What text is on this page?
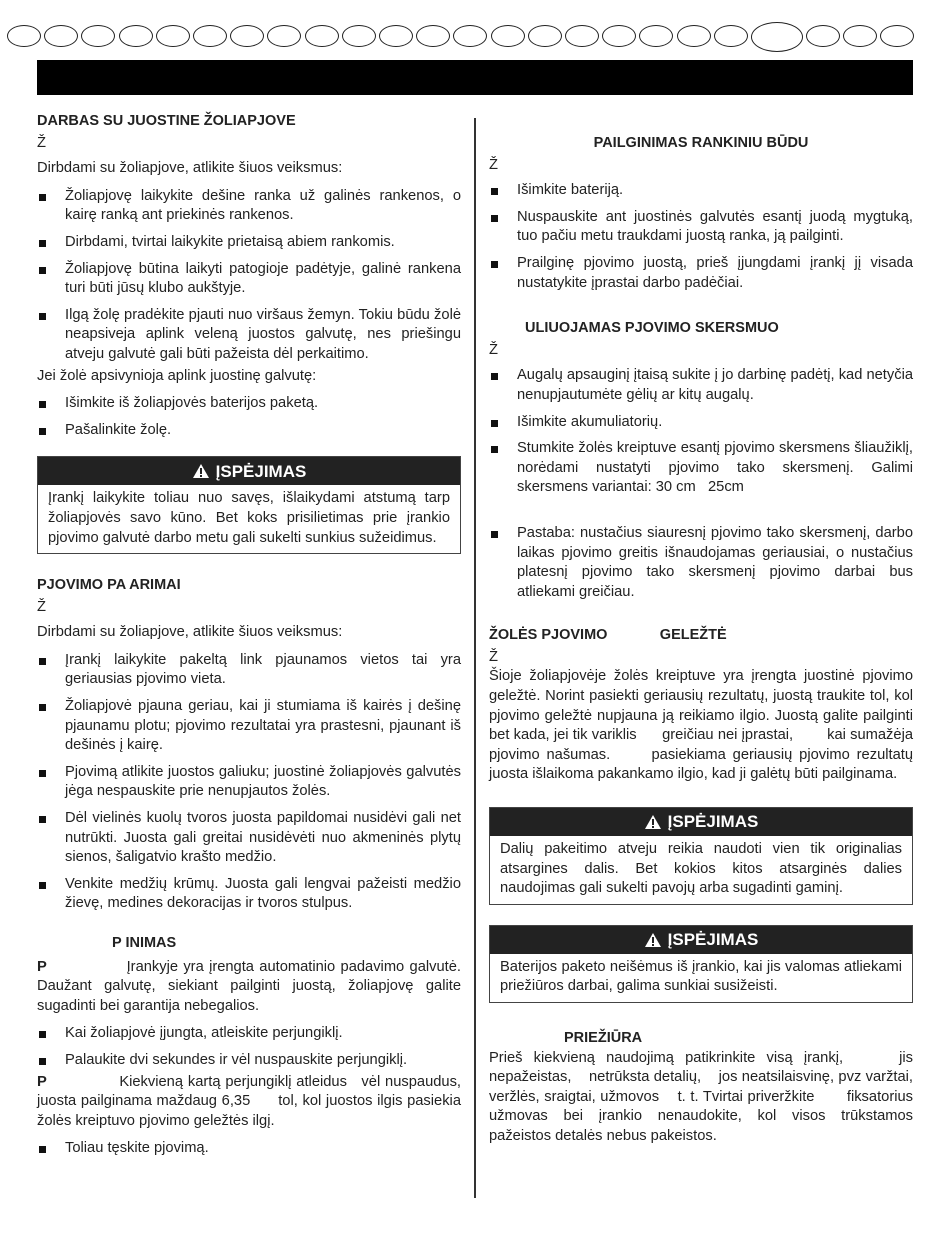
DARBAS SU JUOSTINE ŽOLIAPJOVE

Ž

Dirbdami su žoliapjove, atlikite šiuos veiksmus:

Žoliapjovę laikykite dešine ranka už galinės rankenos, o kairę ranką ant priekinės rankenos.
Dirbdami, tvirtai laikykite prietaisą abiem rankomis.
Žoliapjovę būtina laikyti patogioje padėtyje, galinė rankena turi būti jūsų klubo aukštyje.
Ilgą žolę pradėkite pjauti nuo viršaus žemyn. Tokiu būdu žolė neapsiveja aplink veleną juostos galvutę, nes priešingu atveju galvutė gali būti pažeista dėl perkaitimo.

Jei žolė apsivynioja aplink juostinę galvutę:

Išimkite iš žoliapjovės baterijos paketą.
Pašalinkite žolę.
ĮSPĖJIMAS
Įrankį laikykite toliau nuo savęs, išlaikydami atstumą tarp žoliapjovės savo kūno. Bet koks prisilietimas prie įrankio pjovimo galvutė darbo metu gali sukelti sunkius sužeidimus.

PJOVIMO PA ARIMAI

Ž

Dirbdami su žoliapjove, atlikite šiuos veiksmus:

Įrankį laikykite pakeltą link pjaunamos vietos tai yra geriausias pjovimo vieta.
Žoliapjovė pjauna geriau, kai ji stumiama iš kairės į dešinę pjaunamu plotu; pjovimo rezultatai yra prastesni, pjaunant iš dešinės į kairę.
Pjovimą atlikite juostos galiuku; juostinė žoliapjovės galvutės jėga nespauskite prie nenupjautos žolės.
Dėl vielinės kuolų tvoros juosta papildomai nusidėvi gali net nutrūkti. Juosta gali greitai nusidėvėti nuo akmeninės plytų sienos, šaligatvio krašto medžio.
Venkite medžių krūmų. Juosta gali lengvai pažeisti medžio žievę, medines dekoracijas ir tvoros stulpus.

P INIMAS

P               Įrankyje yra įrengta automatinio padavimo galvutė. Daužant galvutę, siekiant pailginti juostą, žoliapjovę galite sugadinti bei garantija nebegalios.

Kai žoliapjovė įjungta, atleiskite perjungiklį.
Palaukite dvi sekundes ir vėl nuspauskite perjungiklį.

P               Kiekvieną kartą perjungiklį atleidus   vėl nuspaudus, juosta pailginama maždaug 6,35      tol, kol juostos ilgis pasiekia žolės kreiptuvo pjovimo geležtės ilgį.

Toliau tęskite pjovimą.

PAILGINIMAS RANKINIU BŪDU

Ž

Išimkite bateriją.
Nuspauskite ant juostinės galvutės esantį juodą mygtuką, tuo pačiu metu traukdami juostą ranka, ją pailginti.
Prailginę pjovimo juostą, prieš įjungdami įrankį jį visada nustatykite įprastai darbo padėčiai.

ULIUOJAMAS PJOVIMO SKERSMUO

Ž

Augalų apsauginį įtaisą sukite į jo darbinę padėtį, kad netyčia nenupjautumėte gėlių ar kitų augalų.
Išimkite akumuliatorių.
Stumkite žolės kreiptuve esantį pjovimo skersmens šliaužiklį, norėdami nustatyti pjovimo tako skersmenį. Galimi    skersmens variantai: 30 cm   25cm
Pastaba: nustačius siauresnį pjovimo tako skersmenį, darbo laikas pjovimo greitis išnaudojamas geriausiai, o nustačius platesnį pjovimo tako skersmenį pjovimo darbai bus atliekami greičiau.

ŽOLĖS PJOVIMO             GELEŽTĖ

Ž

Šioje žoliapjovėje žolės kreiptuve yra įrengta juostinė pjovimo geležtė. Norint pasiekti geriausių rezultatų, juostą traukite tol, kol pjovimo geležtė nupjauna ją reikiamo ilgio. Juostą galite pailginti bet kada, jei tik variklis      greičiau nei įprastai,        kai sumažėja pjovimo našumas.      pasiekiama geriausių pjovimo rezultatų   juosta išlaikoma pakankamo ilgio, kad ji galėtų būti pailginama.

ĮSPĖJIMAS
Dalių pakeitimo atveju reikia naudoti vien tik originalias atsargines dalis. Bet kokios kitos atsarginės dalies naudojimas gali sukelti pavojų arba sugadinti gaminį.
ĮSPĖJIMAS
Baterijos paketo neišėmus iš įrankio, kai jis valomas atliekami priežiūros darbai, galima sunkiai susižeisti.

PRIEŽIŪRA

Prieš kiekvieną naudojimą patikrinkite visą įrankį,     jis nepažeistas,    netrūksta detalių,    jos neatsilaisvinę, pvz varžtai, veržlės, sraigtai, užmovos    t. t. Tvirtai priveržkite       fiksatorius    užmovas bei įrankio nenaudokite, kol visos trūkstamos    pažeistos detalės nebus pakeistos.
